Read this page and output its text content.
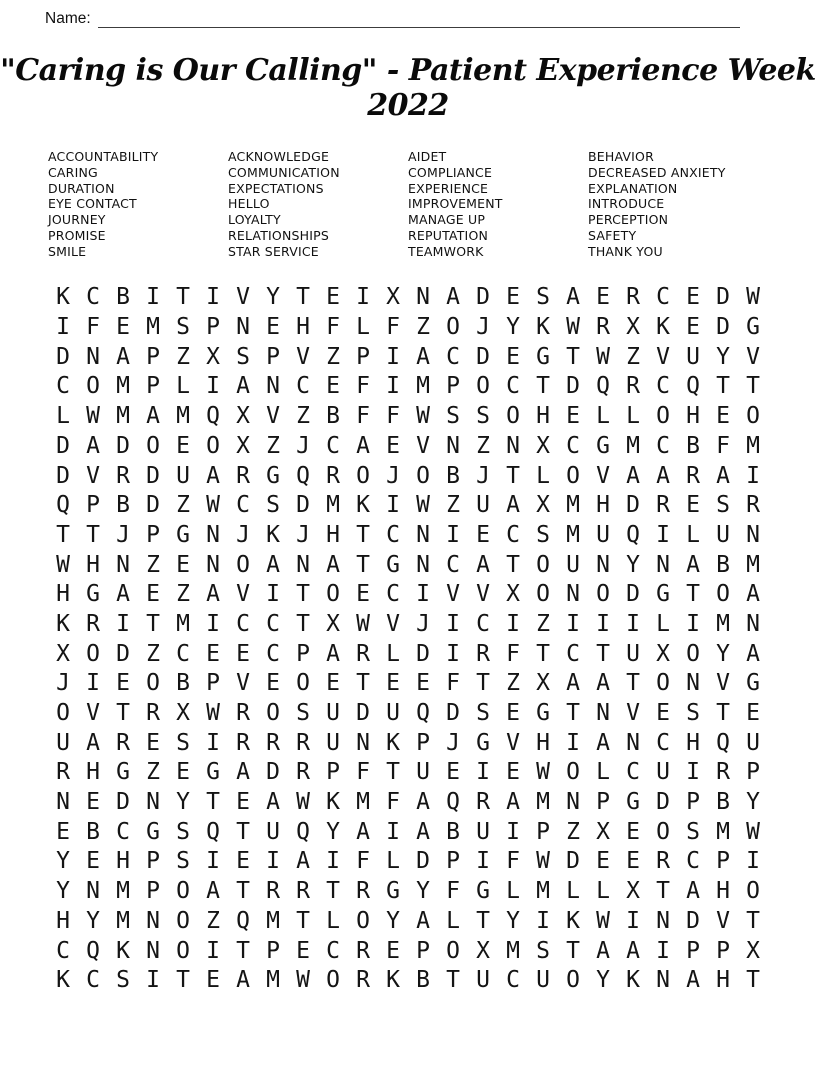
Name:
"Caring is Our Calling" - Patient Experience Week 2022
ACCOUNTABILITY
CARING
DURATION
EYE CONTACT
JOURNEY
PROMISE
SMILE
ACKNOWLEDGE
COMMUNICATION
EXPECTATIONS
HELLO
LOYALTY
RELATIONSHIPS
STAR SERVICE
AIDET
COMPLIANCE
EXPERIENCE
IMPROVEMENT
MANAGE UP
REPUTATION
TEAMWORK
BEHAVIOR
DECREASED ANXIETY
EXPLANATION
INTRODUCE
PERCEPTION
SAFETY
THANK YOU
K C B I T I V Y T E I X N A D E S A E R C E D W
I F E M S P N E H F L F Z O J Y K W R X K E D G
D N A P Z X S P V Z P I A C D E G T W Z V U Y V
C O M P L I A N C E F I M P O C T D Q R C Q T T
L W M A M Q X V Z B F F W S S O H E L L O H E O
D A D O E O X Z J C A E V N Z N X C G M C B F M
D V R D U A R G Q R O J O B J T L O V A A R A I
Q P B D Z W C S D M K I W Z U A X M H D R E S R
T T J P G N J K J H T C N I E C S M U Q I L U N
W H N Z E N O A N A T G N C A T O U N Y N A B M
H G A E Z A V I T O E C I V V X O N O D G T O A
K R I T M I C C T X W V J I C I Z I I I L I M N
X O D Z C E E C P A R L D I R F T C T U X O Y A
J I E O B P V E O E T E E F T Z X A A T O N V G
O V T R X W R O S U D U Q D S E G T N V E S T E
U A R E S I R R R U N K P J G V H I A N C H Q U
R H G Z E G A D R P F T U E I E W O L C U I R P
N E D N Y T E A W K M F A Q R A M N P G D P B Y
E B C G S Q T U Q Y A I A B U I P Z X E O S M W
Y E H P S I E I A I F L D P I F W D E E R C P I
Y N M P O A T R R T R G Y F G L M L L X T A H O
H Y M N O Z Q M T L O Y A L T Y I K W I N D V T
C Q K N O I T P E C R E P O X M S T A A I P P X
K C S I T E A M W O R K B T U C U O Y K N A H T
